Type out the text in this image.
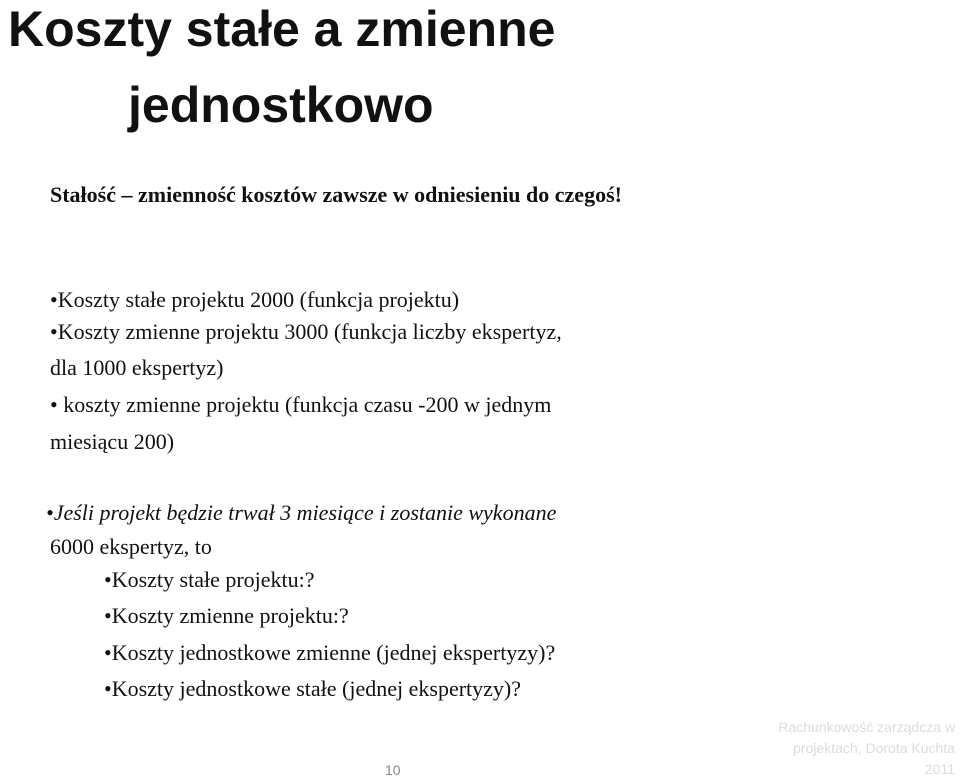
Koszty stałe a zmienne
jednostkowo

Stałość – zmienność kosztów zawsze w odniesieniu do czegoś!

•Koszty stałe projektu 2000 (funkcja projektu)

•Koszty zmienne projektu 3000 (funkcja liczby ekspertyz,

dla 1000 ekspertyz)

• koszty zmienne projektu (funkcja czasu -200 w jednym

miesiącu 200)

•Jeśli projekt będzie trwał 3 miesiące i zostanie wykonane

6000 ekspertyz, to

•Koszty stałe projektu:?

•Koszty zmienne projektu:?

•Koszty jednostkowe zmienne (jednej ekspertyzy)?

•Koszty jednostkowe stałe (jednej ekspertyzy)?

Rachunkowość zarządcza w
projektach, Dorota Kuchta
2011
10
